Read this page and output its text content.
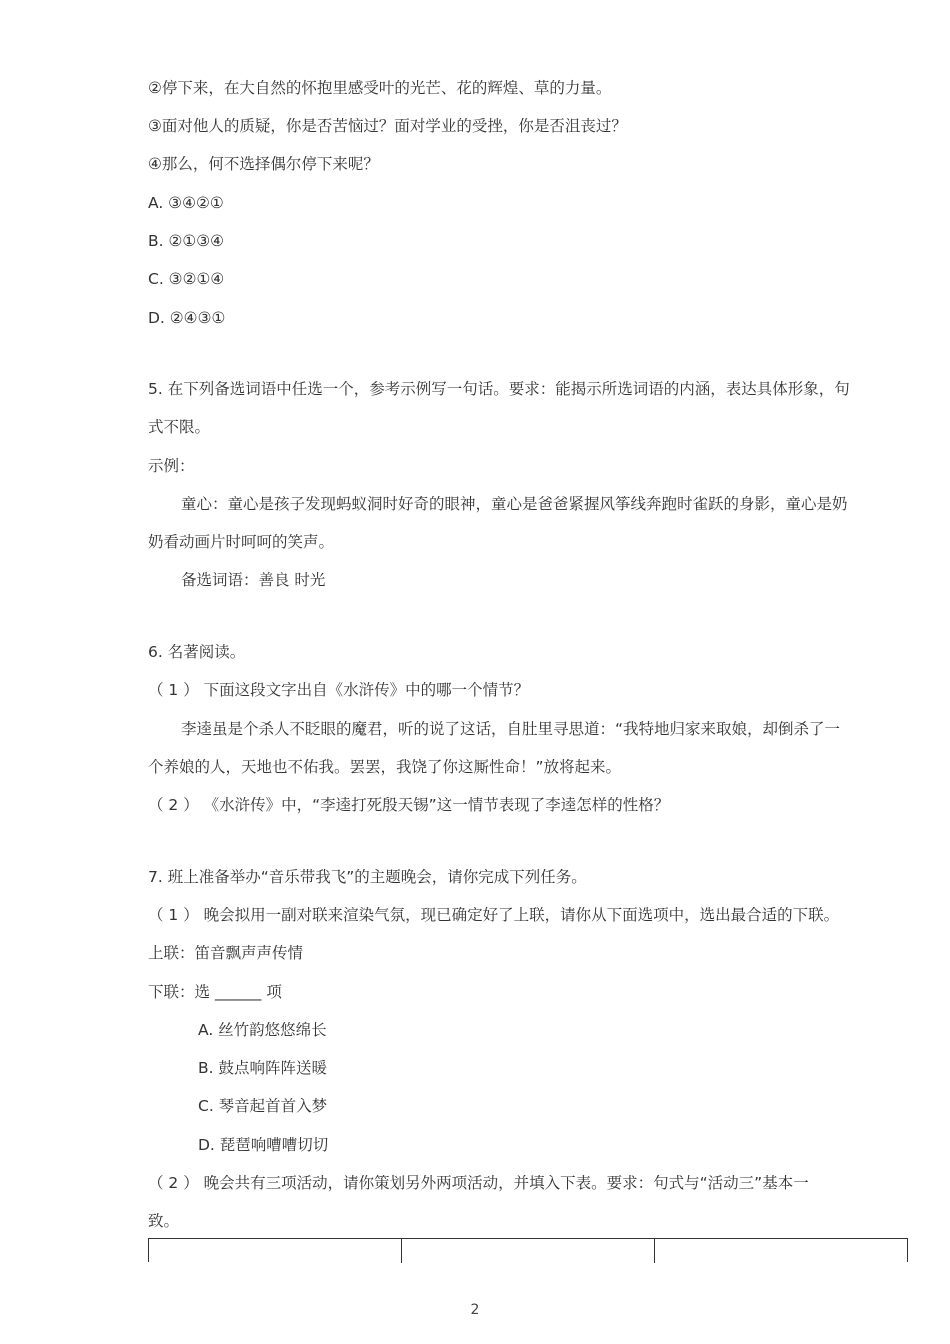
②停下来，在大自然的怀抱里感受叶的光芒、花的辉煌、草的力量。
③面对他人的质疑，你是否苦恼过？面对学业的受挫，你是否沮丧过？
④那么，何不选择偶尔停下来呢？
A. ③④②①
B. ②①③④
C. ③②①④
D. ②④③①
5. 在下列备选词语中任选一个，参考示例写一句话。要求：能揭示所选词语的内涵，表达具体形象，句
式不限。
示例：
童心：童心是孩子发现蚂蚁洞时好奇的眼神，童心是爸爸紧握风筝线奔跑时雀跃的身影，童心是奶
奶看动画片时呵呵的笑声。
备选词语：善良 时光
6. 名著阅读。
（ 1 ） 下面这段文字出自《水浒传》中的哪一个情节？
李逵虽是个杀人不眨眼的魔君，听的说了这话，自肚里寻思道：“我特地归家来取娘，却倒杀了一
个养娘的人，天地也不佑我。罢罢，我饶了你这厮性命！”放将起来。
（ 2 ） 《水浒传》中，“李逵打死殷天锡”这一情节表现了李逵怎样的性格？
7. 班上准备举办“音乐带我飞”的主题晚会，请你完成下列任务。
（ 1 ） 晚会拟用一副对联来渲染气氛，现已确定好了上联，请你从下面选项中，选出最合适的下联。
上联：笛音飘声声传情
下联：选 ______ 项
A. 丝竹韵悠悠绵长
B. 鼓点响阵阵送暖
C. 琴音起首首入梦
D. 琵琶响嘈嘈切切
（ 2 ） 晚会共有三项活动，请你策划另外两项活动，并填入下表。要求：句式与“活动三”基本一
致。
2
